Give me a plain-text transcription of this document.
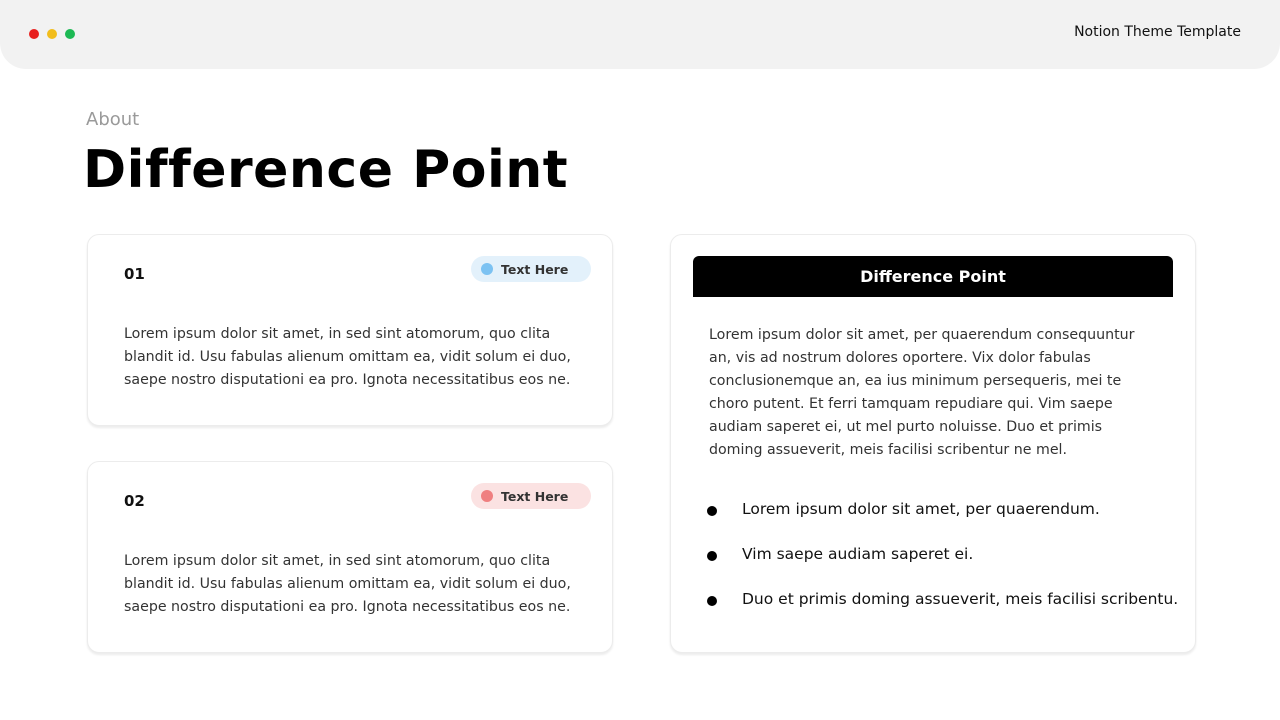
Notion Theme Template
About
Difference Point
01	Text Here

Lorem ipsum dolor sit amet, in sed sint atomorum, quo clita blandit id. Usu fabulas alienum omittam ea, vidit solum ei duo, saepe nostro disputationi ea pro. Ignota necessitatibus eos ne.

02	Text Here

Lorem ipsum dolor sit amet, in sed sint atomorum, quo clita blandit id. Usu fabulas alienum omittam ea, vidit solum ei duo, saepe nostro disputationi ea pro. Ignota necessitatibus eos ne.

Difference Point

Lorem ipsum dolor sit amet, per quaerendum consequuntur an, vis ad nostrum dolores oportere. Vix dolor fabulas conclusionemque an, ea ius minimum persequeris, mei te choro putent. Et ferri tamquam repudiare qui. Vim saepe audiam saperet ei, ut mel purto noluisse. Duo et primis doming assueverit, meis facilisi scribentur ne mel.

Lorem ipsum dolor sit amet, per quaerendum.
Vim saepe audiam saperet ei.
Duo et primis doming assueverit, meis facilisi scribentu.
